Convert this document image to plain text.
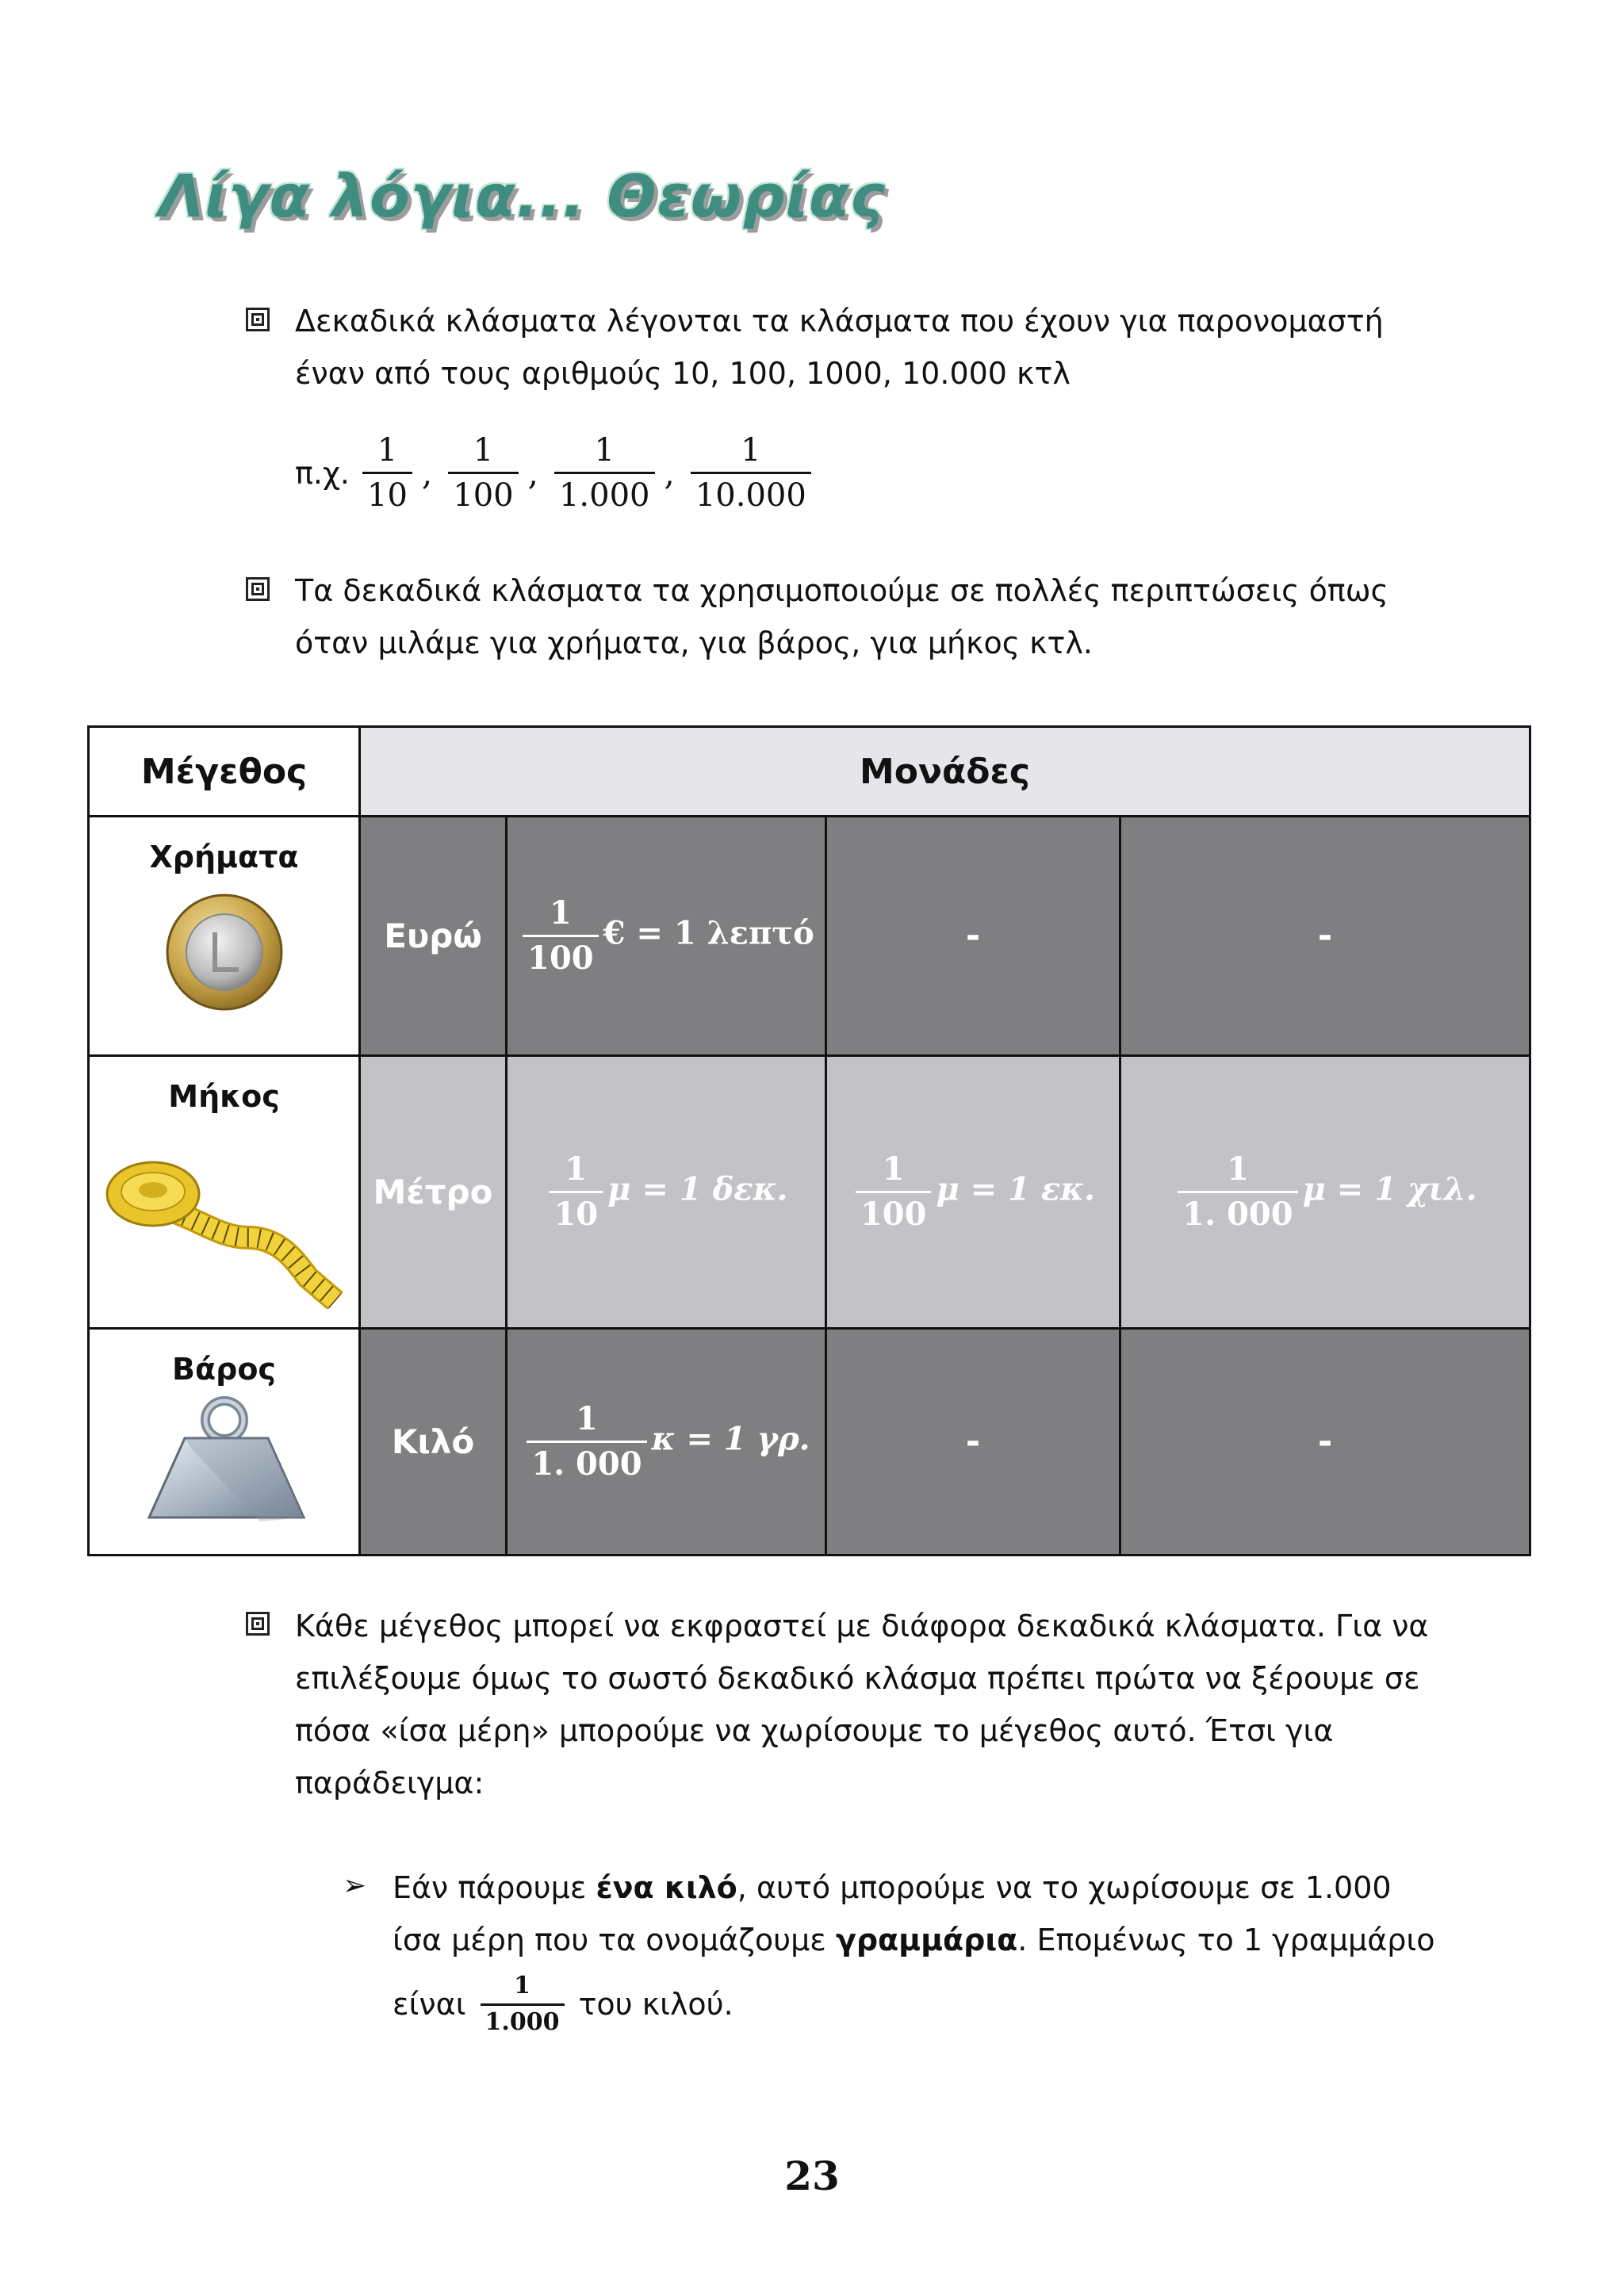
Λίγα λόγια... Θεωρίας
Δεκαδικά κλάσματα λέγονται τα κλάσματα που έχουν για παρονομαστή
έναν από τους αριθμούς 10, 100, 1000, 10.000 κτλ
π.χ. $\frac{1}{10}$ , $\frac{1}{100}$ , $\frac{1}{1.000}$ , $\frac{1}{10.000}$
Τα δεκαδικά κλάσματα τα χρησιμοποιούμε σε πολλές περιπτώσεις όπως
όταν μιλάμε για χρήματα, για βάρος, για μήκος κτλ.
Μέγεθος	Μονάδες			

Χρήματα	Ευρώ	$\frac{1}{100}$ € = 1 λεπτό	-	-

Μήκος	Μέτρο	$\frac{1}{10}$ μ = 1 δεκ.	$\frac{1}{100}$ μ = 1 εκ.	$\frac{1}{1. 000}$ μ = 1 χιλ.

Βάρος	Κιλό	$\frac{1}{1. 000}$ κ = 1 γρ.	-	-
Κάθε μέγεθος μπορεί να εκφραστεί με διάφορα δεκαδικά κλάσματα. Για να
επιλέξουμε όμως το σωστό δεκαδικό κλάσμα πρέπει πρώτα να ξέρουμε σε
πόσα «ίσα μέρη» μπορούμε να χωρίσουμε το μέγεθος αυτό. Έτσι για
παράδειγμα:
➢ Εάν πάρουμε ένα κιλό, αυτό μπορούμε να το χωρίσουμε σε 1.000
ίσα μέρη που τα ονομάζουμε γραμμάρια. Επομένως το 1 γραμμάριο
είναι $\frac{1}{1.000}$ του κιλού.
23
